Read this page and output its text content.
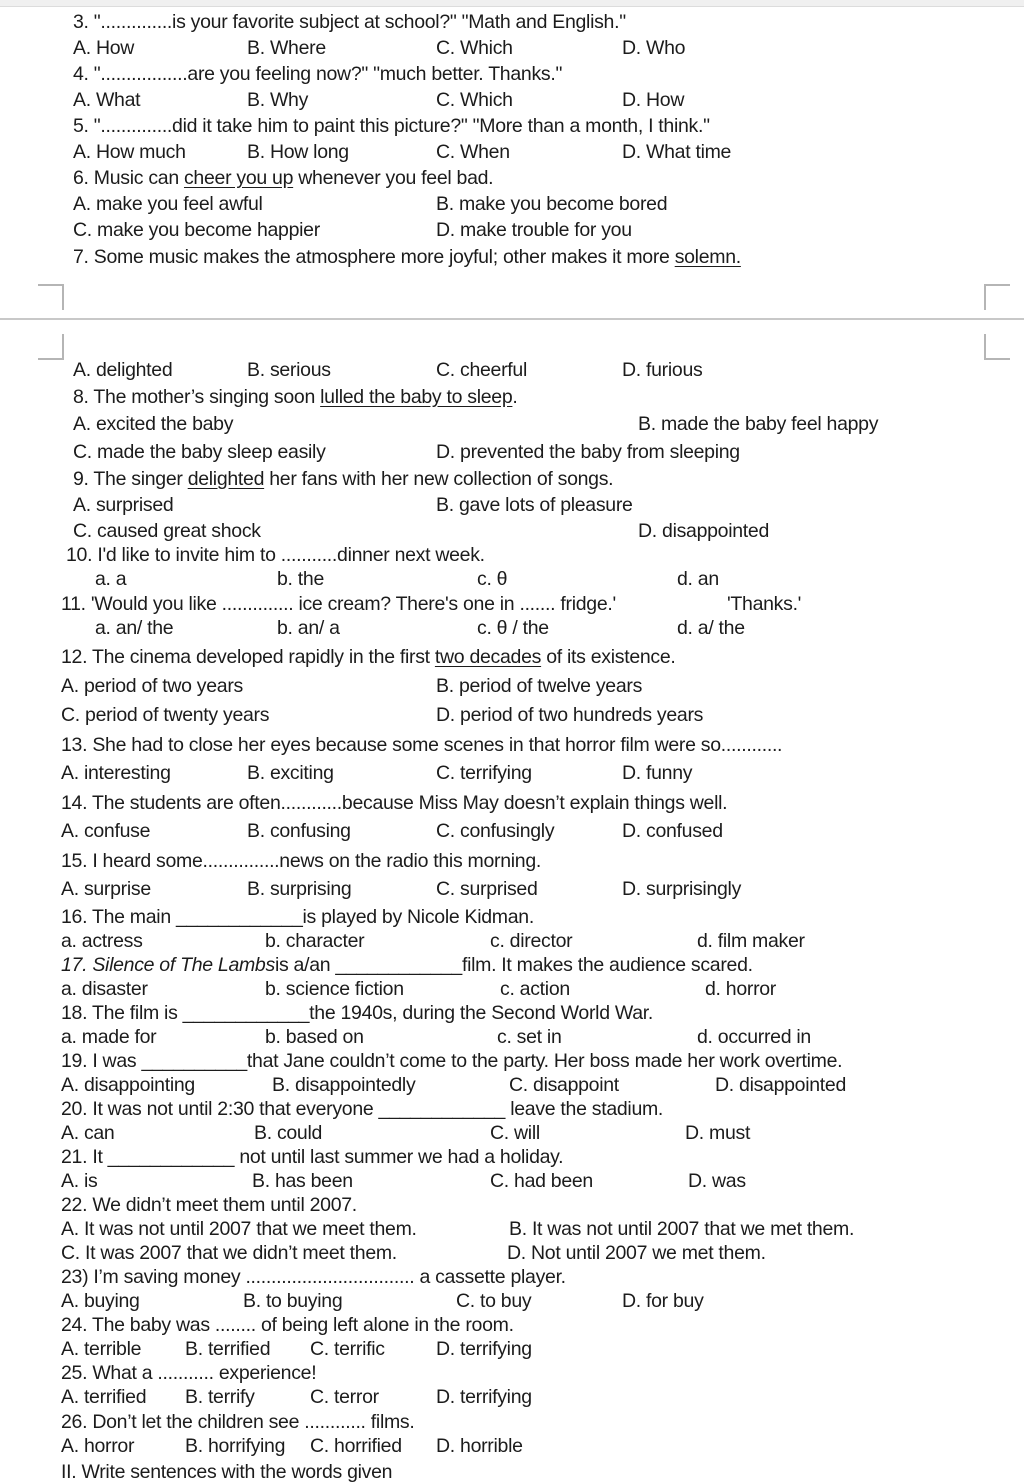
3. "..............is your favorite subject at school?" "Math and English."
A. How	B. Where	C. Which	D. Who
4. ".................are you feeling now?" "much better. Thanks."
A. What	B. Why	C. Which	D. How
5. "..............did it take him to paint this picture?" "More than a month, I think."
A. How much	B. How long	C. When	D. What time
6. Music can cheer you up whenever you feel bad.
A. make you feel awful	B. make you become bored
C. make you become happier	D. make trouble for you
7. Some music makes the atmosphere more joyful; other makes it more solemn.
A. delighted	B. serious	C. cheerful	D. furious
8. The mother’s singing soon lulled the baby to sleep.
A. excited the baby	B. made the baby feel happy
C. made the baby sleep easily	D. prevented the baby from sleeping
9. The singer delighted her fans with her new collection of songs.
A. surprised	B. gave lots of pleasure
C. caused great shock	D. disappointed
10. I'd like to invite him to ...........dinner next week.
a. a	b. the	c. θ	d. an
11. 'Would you like .............. ice cream? There's one in ....... fridge.'	'Thanks.'
a. an/ the	b. an/ a	c. θ / the	d. a/ the
12. The cinema developed rapidly in the first two decades of its existence.
A. period of two years	B. period of twelve years
C. period of twenty years	D. period of two hundreds years
13. She had to close her eyes because some scenes in that horror film were so............
A. interesting	B. exciting	C. terrifying	D. funny
14. The students are often............because Miss May doesn’t explain things well.
A. confuse	B. confusing	C. confusingly	D. confused
15. I heard some...............news on the radio this morning.
A. surprise	B. surprising	C. surprised	D. surprisingly
16. The main ____________is played by Nicole Kidman.
a. actress	b. character	c. director	d. film maker
17. Silence of The Lambsis a/an ____________film. It makes the audience scared.
a. disaster	b. science fiction	c. action	d. horror
18. The film is ____________the 1940s, during the Second World War.
a. made for	b. based on	c. set in	d. occurred in
19. I was __________that Jane couldn’t come to the party. Her boss made her work overtime.
A. disappointing	B. disappointedly	C. disappoint	D. disappointed
20. It was not until 2:30 that everyone ____________ leave the stadium.
A. can	B. could	C. will	D. must
21. It ____________ not until last summer we had a holiday.
A. is	B. has been	C. had been	D. was
22. We didn’t meet them until 2007.
A. It was not until 2007 that we meet them.	B. It was not until 2007 that we met them.
C. It was 2007 that we didn’t meet them.	D. Not until 2007 we met them.
23) I’m saving money ................................. a cassette player.
A. buying	B. to buying	C. to buy	D. for buy
24. The baby was ........ of being left alone in the room.
A. terrible B. terrified C. terrific	D. terrifying
25. What a ........... experience!
A. terrified B. terrify	C. terror	D. terrifying
26. Don’t let the children see ............ films.
A. horror	B. horrifying C. horrified D. horrible
II. Write sentences with the words given
